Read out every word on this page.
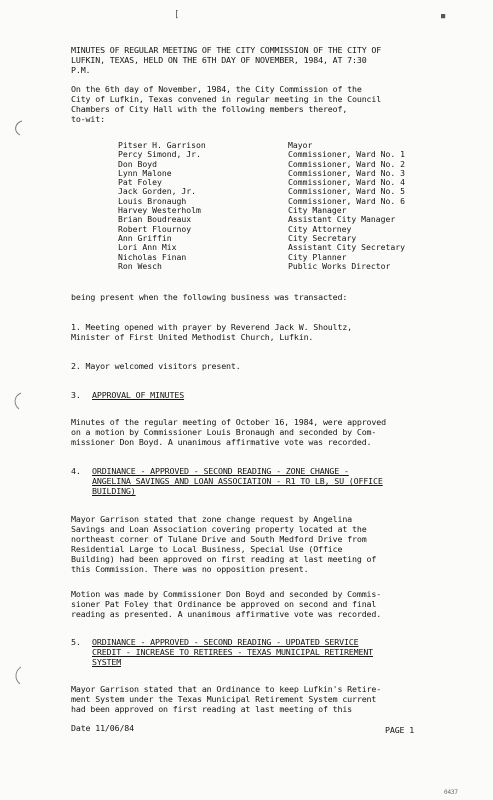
[	■
MINUTES OF REGULAR MEETING OF THE CITY COMMISSION OF THE CITY OF
LUFKIN, TEXAS, HELD ON THE 6TH DAY OF NOVEMBER, 1984, AT 7:30
P.M.
On the 6th day of November, 1984, the City Commission of the
City of Lufkin, Texas convened in regular meeting in the Council
Chambers of City Hall with the following members thereof,
to-wit:
Pitser H. Garrison	Mayor
Percy Simond, Jr.	Commissioner, Ward No. 1
Don Boyd	Commissioner, Ward No. 2
Lynn Malone	Commissioner, Ward No. 3
Pat Foley	Commissioner, Ward No. 4
Jack Gorden, Jr.	Commissioner, Ward No. 5
Louis Bronaugh	Commissioner, Ward No. 6
Harvey Westerholm	City Manager
Brian Boudreaux	Assistant City Manager
Robert Flournoy	City Attorney
Ann Griffin	City Secretary
Lori Ann Mix	Assistant City Secretary
Nicholas Finan	City Planner
Ron Wesch	Public Works Director
being present when the following business was transacted:
1. Meeting opened with prayer by Reverend Jack W. Shoultz,
Minister of First United Methodist Church, Lufkin.
2. Mayor welcomed visitors present.
3. APPROVAL OF MINUTES
Minutes of the regular meeting of October 16, 1984, were approved
on a motion by Commissioner Louis Bronaugh and seconded by Com-
missioner Don Boyd. A unanimous affirmative vote was recorded.
4. ORDINANCE - APPROVED - SECOND READING - ZONE CHANGE -
ANGELINA SAVINGS AND LOAN ASSOCIATION - R1 TO LB, SU (OFFICE
BUILDING)
Mayor Garrison stated that zone change request by Angelina
Savings and Loan Association covering property located at the
northeast corner of Tulane Drive and South Medford Drive from
Residential Large to Local Business, Special Use (Office
Building) had been approved on first reading at last meeting of
this Commission. There was no opposition present.
Motion was made by Commissioner Don Boyd and seconded by Commis-
sioner Pat Foley that Ordinance be approved on second and final
reading as presented. A unanimous affirmative vote was recorded.
5. ORDINANCE - APPROVED - SECOND READING - UPDATED SERVICE
CREDIT - INCREASE TO RETIREES - TEXAS MUNICIPAL RETIREMENT
SYSTEM
Mayor Garrison stated that an Ordinance to keep Lufkin's Retire-
ment System under the Texas Municipal Retirement System current
had been approved on first reading at last meeting of this
Date 11/06/84	PAGE 1
0437
